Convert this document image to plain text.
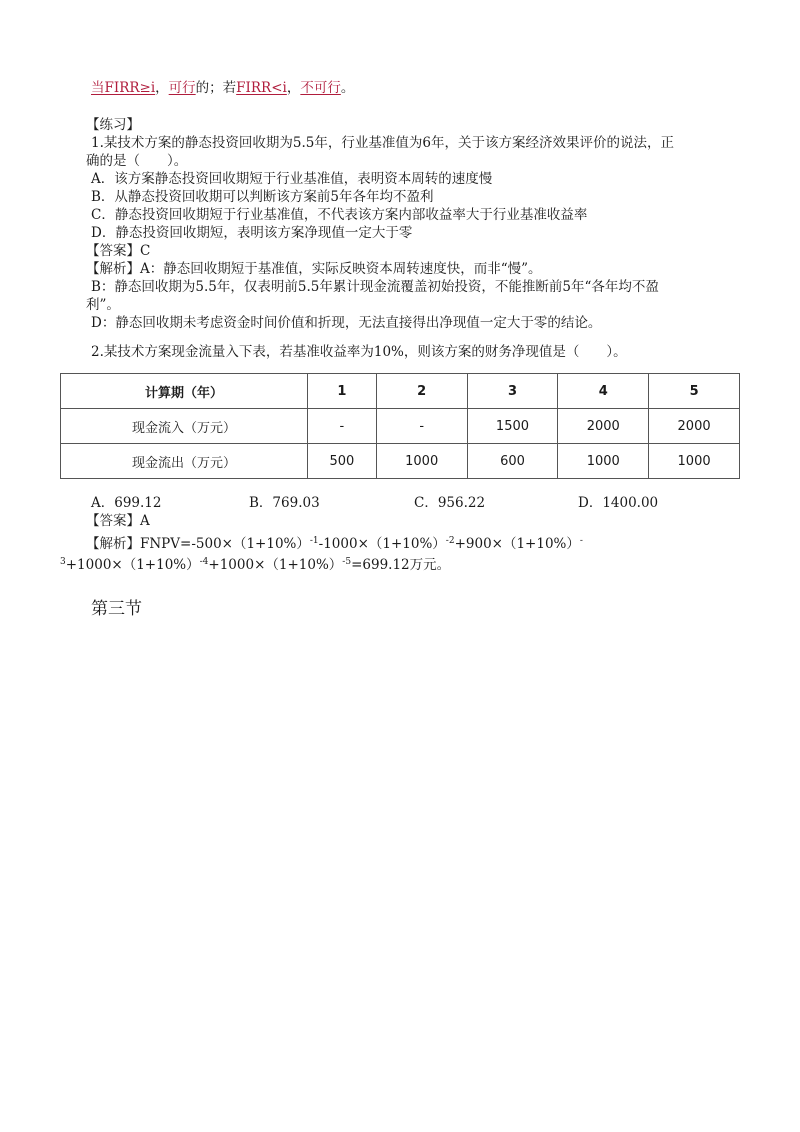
当FIRR≥i，可行的；若FIRR<i，不可行。
【练习】
1.某技术方案的静态投资回收期为5.5年，行业基准值为6年，关于该方案经济效果评价的说法，正
确的是（　　）。
A．该方案静态投资回收期短于行业基准值，表明资本周转的速度慢
B．从静态投资回收期可以判断该方案前5年各年均不盈利
C．静态投资回收期短于行业基准值，不代表该方案内部收益率大于行业基准收益率
D．静态投资回收期短，表明该方案净现值一定大于零
【答案】C
【解析】A：静态回收期短于基准值，实际反映资本周转速度快，而非“慢”。
B：静态回收期为5.5年，仅表明前5.5年累计现金流覆盖初始投资，不能推断前5年“各年均不盈
利”。
D：静态回收期未考虑资金时间价值和折现，无法直接得出净现值一定大于零的结论。
2.某技术方案现金流量入下表，若基准收益率为10%，则该方案的财务净现值是（　　）。
计算期（年）	1	2	3	4	5
现金流入（万元）	-	-	1500	2000	2000
现金流出（万元）	500	1000	600	1000	1000
A．699.12	B．769.03	C．956.22	D．1400.00
【答案】A
【解析】$FNPV=-500\times(1+10\%)^{-1}-1000\times(1+10\%)^{-2}+900\times(1+10\%)^-$
$^3+1000\times(1+10\%)^{-4}+1000\times(1+10\%)^{-5}=699.12$万元。
第三节
